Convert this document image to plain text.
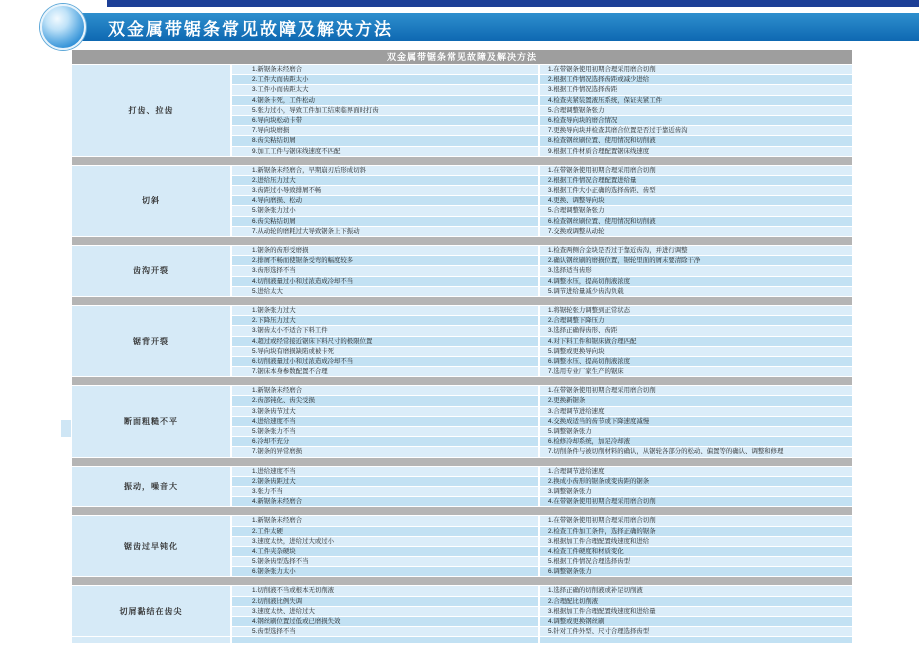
双金属带锯条常见故障及解决方法
双金属带锯条常见故障及解决方法
打齿、拉齿
1.新锯条未经磨合	1.在带锯条使用初期合理采用磨合切削
2.工件大而齿距太小	2.根据工件情况选择齿距或减少进给
3.工件小而齿距太大	3.根据工件情况选择齿距
4.锯条卡死，工件松动	4.检查夹紧装置液压系统，保证夹紧工件
5.张力过小，导致工件加工结束临界面时打齿	5.合理调整锯条张力
6.导向块松动卡带	6.检查导向块的磨合情况
7.导向块磨损	7.更换导向块并检查其磨合位置是否过于靠近齿沟
8.齿尖粘结切屑	8.检查钢丝刷位置、使用情况和切削液
9.加工工件与锯床线速度不匹配	9.根据工件材质合理配置锯床线速度
切斜
1.新锯条未经磨合，早期崩刃后形成切斜	1.在带锯条使用初期合理采用磨合切削
2.进给压力过大	2.根据工件情况合理配置进给量
3.齿距过小导致排屑不畅	3.根据工件大小正确的选择齿距、齿型
4.导向磨损、松动	4.更换、调整导向块
5.锯条张力过小	5.合理调整锯条张力
6.齿尖粘结切屑	6.检查钢丝刷位置、使用情况和切削液
7.从动轮的磨耗过大导致锯条上下振动	7.交换或调整从动轮
齿沟开裂
1.锯条的齿形受磨损	1.检查两侧合金块是否过于靠近齿沟，并进行调整
2.排屑不畅而使锯条受弯的幅度较多	2.确认钢丝刷的磨损位置，锯轮里面的屑末要清除干净
3.齿形选择不当	3.选择适当齿形
4.切削液量过小和过浓造成冷却不当	4.调整水压，提高切削液浓度
5.进给太大	5.调节进给量减少齿沟负载
锯背开裂
1.锯条张力过大	1.将锯轮张力调整到正常状态
2.下降压力过大	2.合理调整下降压力
3.锯齿太小不适合下料工件	3.选择正确得齿形、齿距
4.超过或经常接近锯床下料尺寸的极限位置	4.对下料工件和锯床做合理匹配
5.导向块有磨损缺陷或被卡死	5.调整或更换导向块
6.切削液量过小和过浓造成冷却不当	6.调整水压、提高切削液浓度
7.锯床本身参数配置不合理	7.选用专业厂家生产的锯床
断面粗糙不平
1.新锯条未经磨合	1.在带锯条使用初期合理采用磨合切削
2.齿部钝化、齿尖受损	2.更换新锯条
3.锯条齿节过大	3.合理调节进给速度
4.进给速度不当	4.交换成适当的齿节或下降速度减慢
5.锯条张力不当	5.调整锯条张力
6.冷却不充分	6.检修冷却系统，加足冷却液
7.锯条的异常磨损	7.切削条件与被切削材料的确认，从锯轮各部分的松动、偏置等的确认、调整和修理
振动，噪音大
1.进给速度不当	1.合理调节进给速度
2.锯条齿距过大	2.换成小齿形的锯条或变齿距的锯条
3.张力不当	3.调整锯条张力
4.新锯条未经磨合	4.在带锯条使用初期合理采用磨合切削
锯齿过早钝化
1.新锯条未经磨合	1.在带锯条使用初期合理采用磨合切削
2.工件太硬	2.检查工件加工条件，选择正确的锯条
3.速度太快，进给过大或过小	3.根据加工件合理配置线速度和进给
4.工件夹杂硬块	4.检查工件硬度和材质变化
5.锯条齿型选择不当	5.根据工件情况合理选择齿型
6.锯条张力太小	6.调整锯条张力
切屑黏结在齿尖
1.切削液不当或根本无切削液	1.选择正确的切削液或补足切削液
2.切削液比例失调	2.合理配比切削液
3.速度太快、进给过大	3.根据加工件合理配置线速度和进给量
4.钢丝刷位置过低或已磨损失效	4.调整或更换钢丝刷
5.齿型选择不当	5.针对工件外型、尺寸合理选择齿型
